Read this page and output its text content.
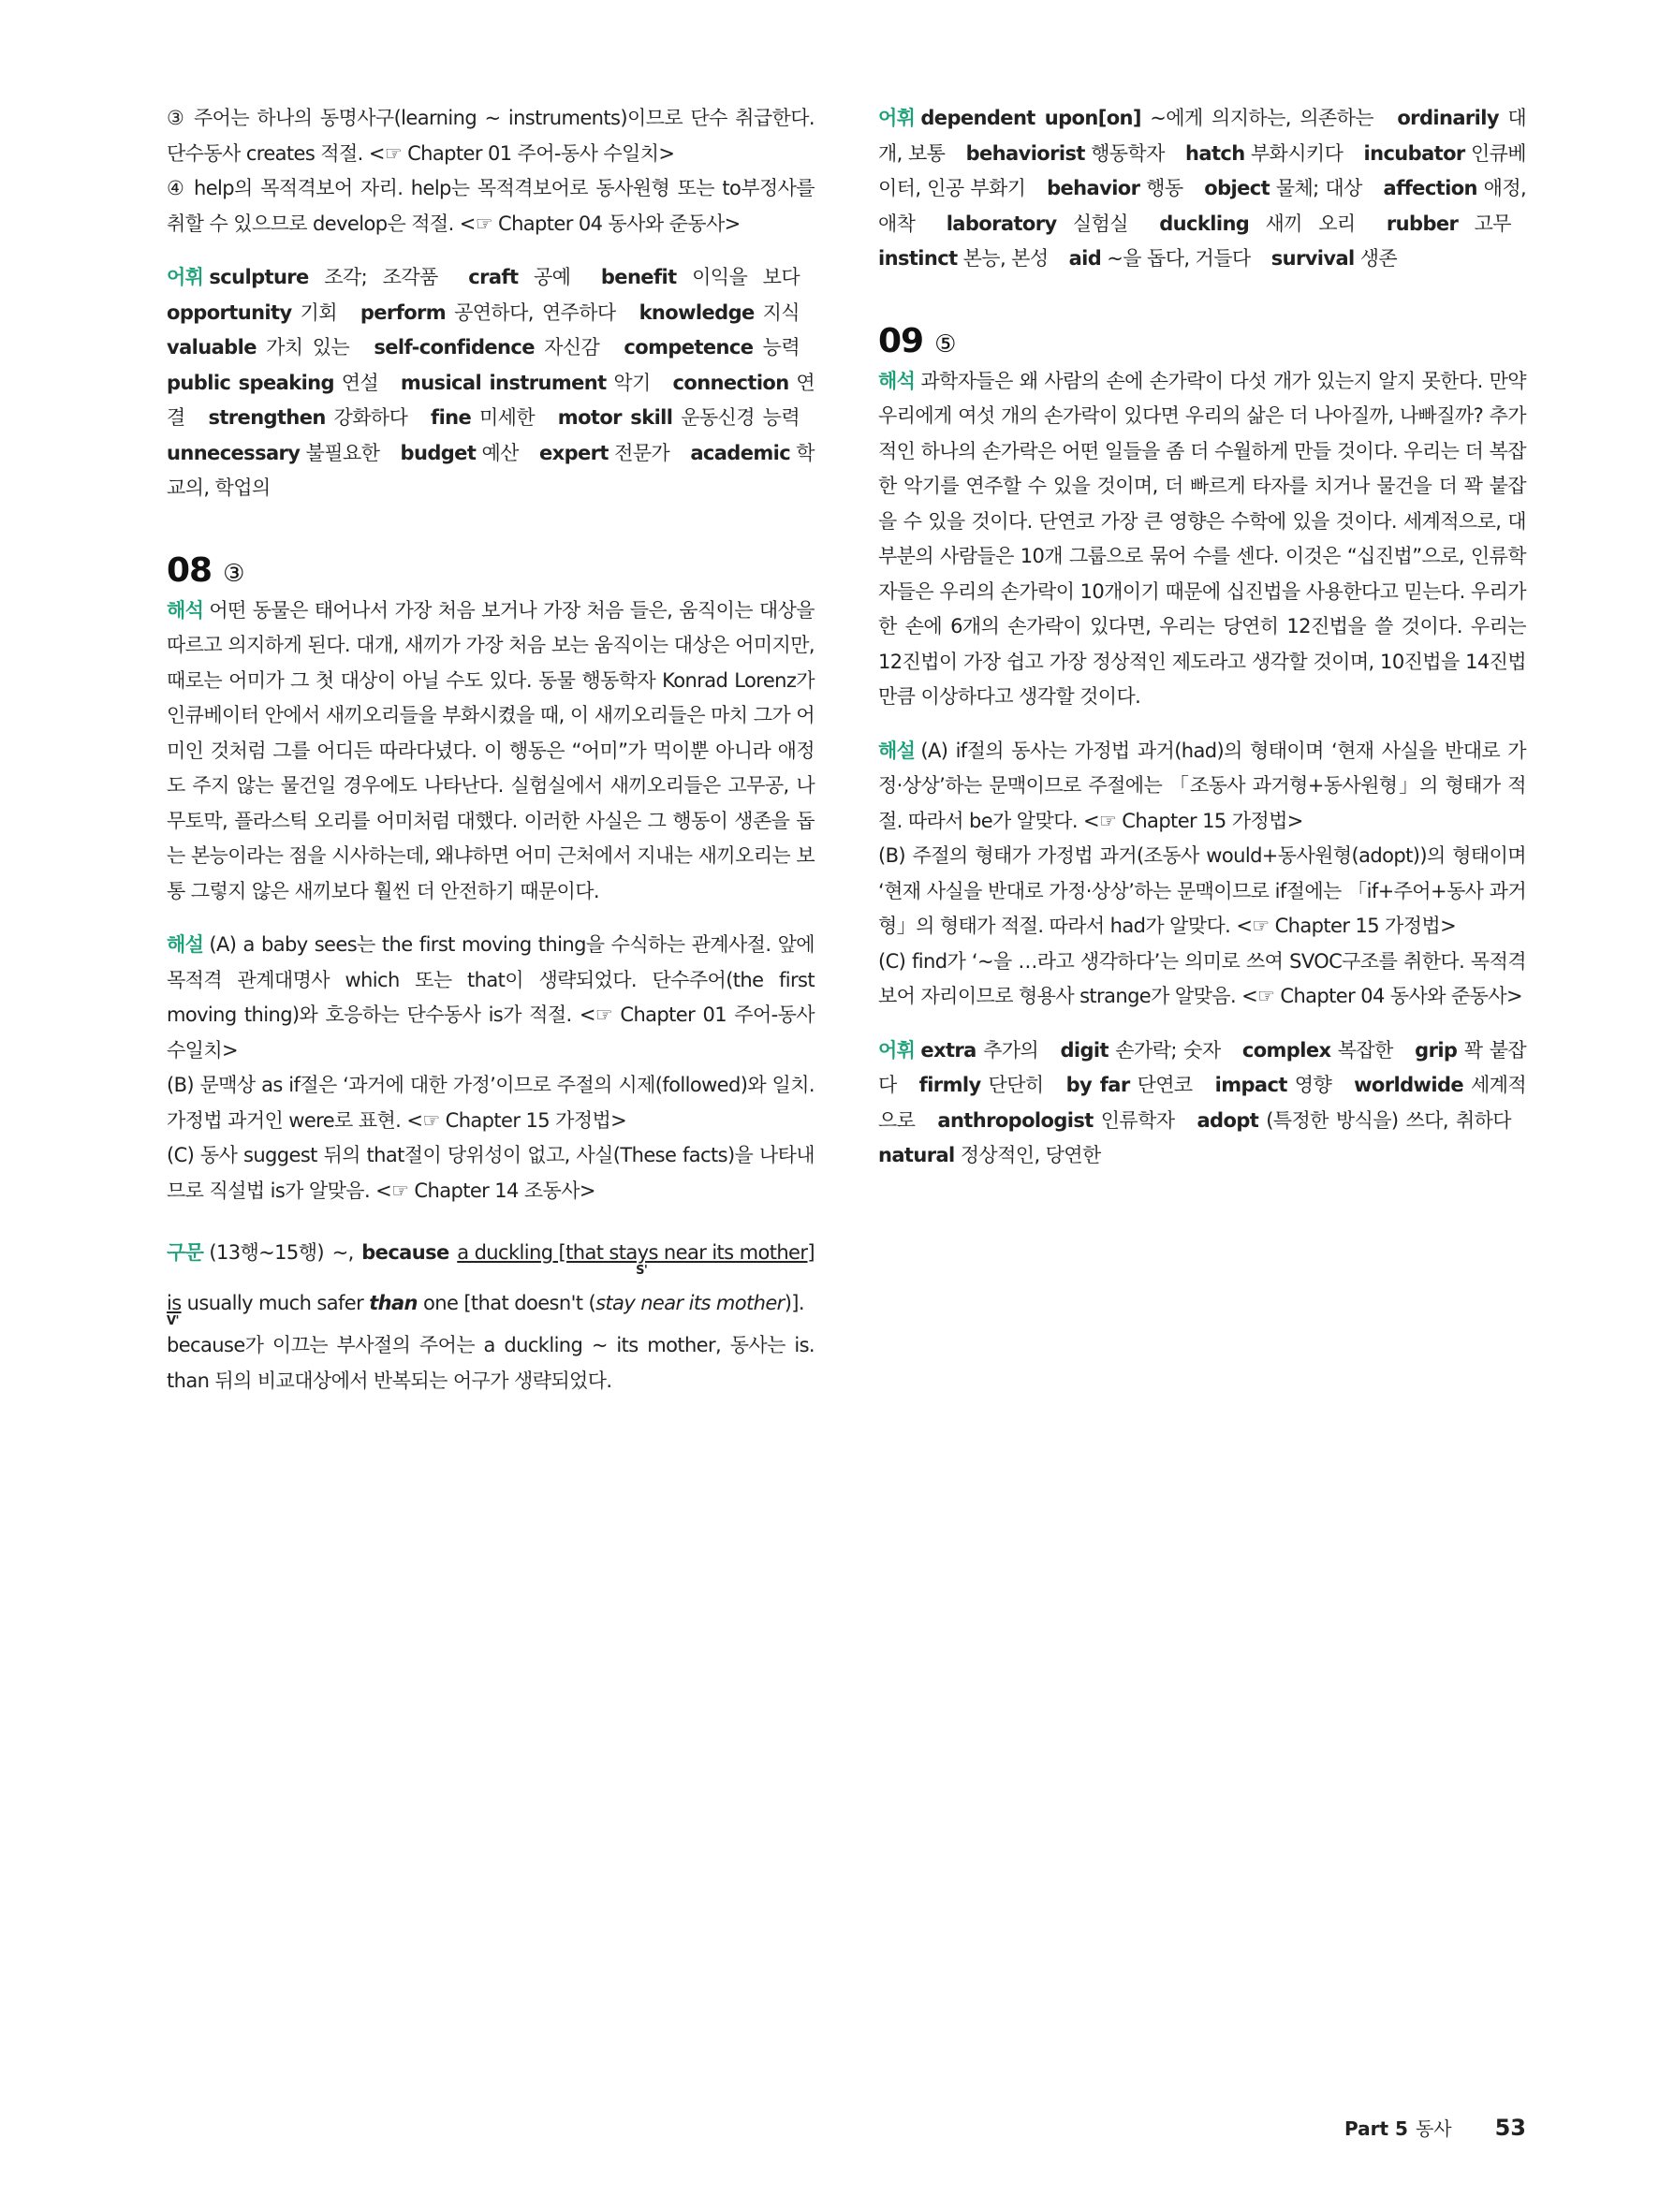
③ 주어는 하나의 동명사구(learning ~ instruments)이므로 단수 취급한다. 단수동사 creates 적절. <☞ Chapter 01 주어-동사 수일치>

④ help의 목적격보어 자리. help는 목적격보어로 동사원형 또는 to부정사를 취할 수 있으므로 develop은 적절. <☞ Chapter 04 동사와 준동사>

어휘 sculpture 조각; 조각품 craft 공예 benefit 이익을 보다 opportunity 기회 perform 공연하다, 연주하다 knowledge 지식 valuable 가치 있는 self-confidence 자신감 competence 능력 public speaking 연설 musical instrument 악기 connection 연결 strengthen 강화하다 fine 미세한 motor skill 운동신경 능력 unnecessary 불필요한 budget 예산 expert 전문가 academic 학교의, 학업의

08 ③

해석 어떤 동물은 태어나서 가장 처음 보거나 가장 처음 들은, 움직이는 대상을 따르고 의지하게 된다. 대개, 새끼가 가장 처음 보는 움직이는 대상은 어미지만, 때로는 어미가 그 첫 대상이 아닐 수도 있다. 동물 행동학자 Konrad Lorenz가 인큐베이터 안에서 새끼오리들을 부화시켰을 때, 이 새끼오리들은 마치 그가 어미인 것처럼 그를 어디든 따라다녔다. 이 행동은 “어미”가 먹이뿐 아니라 애정도 주지 않는 물건일 경우에도 나타난다. 실험실에서 새끼오리들은 고무공, 나무토막, 플라스틱 오리를 어미처럼 대했다. 이러한 사실은 그 행동이 생존을 돕는 본능이라는 점을 시사하는데, 왜냐하면 어미 근처에서 지내는 새끼오리는 보통 그렇지 않은 새끼보다 훨씬 더 안전하기 때문이다.

해설 (A) a baby sees는 the first moving thing을 수식하는 관계사절. 앞에 목적격 관계대명사 which 또는 that이 생략되었다. 단수주어(the first moving thing)와 호응하는 단수동사 is가 적절. <☞ Chapter 01 주어-동사 수일치>

(B) 문맥상 as if절은 ‘과거에 대한 가정’이므로 주절의 시제(followed)와 일치. 가정법 과거인 were로 표현. <☞ Chapter 15 가정법>

(C) 동사 suggest 뒤의 that절이 당위성이 없고, 사실(These facts)을 나타내므로 직설법 is가 알맞음. <☞ Chapter 14 조동사>

구문 (13행~15행) ~, because a duckling [that stays near its mother]
S'
is
V'
usually much safer than one [that doesn't (stay near its mother)].

because가 이끄는 부사절의 주어는 a duckling ~ its mother, 동사는 is. than 뒤의 비교대상에서 반복되는 어구가 생략되었다.

어휘 dependent upon[on] ~에게 의지하는, 의존하는 ordinarily 대개, 보통 behaviorist 행동학자 hatch 부화시키다 incubator 인큐베이터, 인공 부화기 behavior 행동 object 물체; 대상 affection 애정, 애착 laboratory 실험실 duckling 새끼 오리 rubber 고무 instinct 본능, 본성 aid ~을 돕다, 거들다 survival 생존

09 ⑤

해석 과학자들은 왜 사람의 손에 손가락이 다섯 개가 있는지 알지 못한다. 만약 우리에게 여섯 개의 손가락이 있다면 우리의 삶은 더 나아질까, 나빠질까? 추가적인 하나의 손가락은 어떤 일들을 좀 더 수월하게 만들 것이다. 우리는 더 복잡한 악기를 연주할 수 있을 것이며, 더 빠르게 타자를 치거나 물건을 더 꽉 붙잡을 수 있을 것이다. 단연코 가장 큰 영향은 수학에 있을 것이다. 세계적으로, 대부분의 사람들은 10개 그룹으로 묶어 수를 센다. 이것은 “십진법”으로, 인류학자들은 우리의 손가락이 10개이기 때문에 십진법을 사용한다고 믿는다. 우리가 한 손에 6개의 손가락이 있다면, 우리는 당연히 12진법을 쓸 것이다. 우리는 12진법이 가장 쉽고 가장 정상적인 제도라고 생각할 것이며, 10진법을 14진법만큼 이상하다고 생각할 것이다.

해설 (A) if절의 동사는 가정법 과거(had)의 형태이며 ‘현재 사실을 반대로 가정·상상’하는 문맥이므로 주절에는 「조동사 과거형+동사원형」의 형태가 적절. 따라서 be가 알맞다. <☞ Chapter 15 가정법>

(B) 주절의 형태가 가정법 과거(조동사 would+동사원형(adopt))의 형태이며 ‘현재 사실을 반대로 가정·상상’하는 문맥이므로 if절에는 「if+주어+동사 과거형」의 형태가 적절. 따라서 had가 알맞다. <☞ Chapter 15 가정법>

(C) find가 ‘~을 …라고 생각하다’는 의미로 쓰여 SVOC구조를 취한다. 목적격보어 자리이므로 형용사 strange가 알맞음. <☞ Chapter 04 동사와 준동사>

어휘 extra 추가의 digit 손가락; 숫자 complex 복잡한 grip 꽉 붙잡다 firmly 단단히 by far 단연코 impact 영향 worldwide 세계적으로 anthropologist 인류학자 adopt (특정한 방식을) 쓰다, 취하다 natural 정상적인, 당연한

Part 5 동사 53
